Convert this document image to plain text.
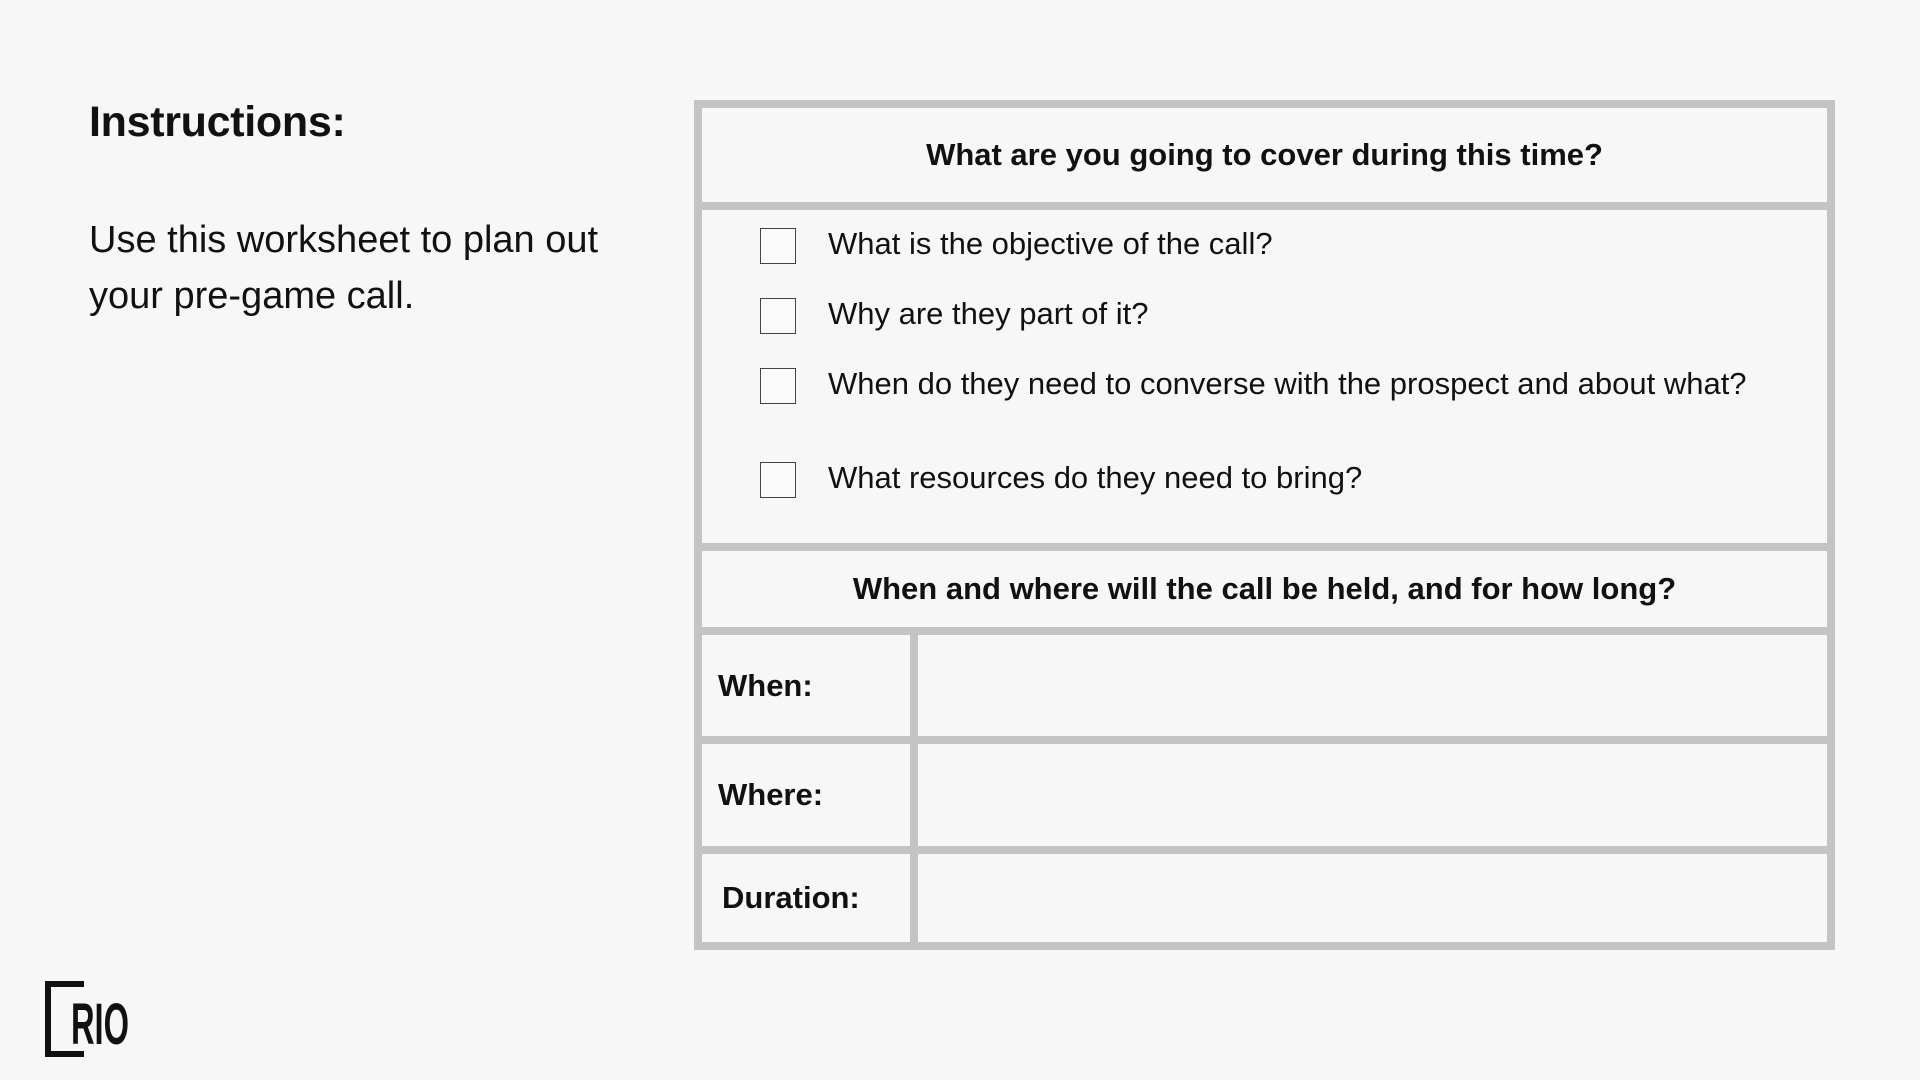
Instructions:

Use this worksheet to plan out your pre-game call.

What are you going to cover during this time?
What is the objective of the call?
Why are they part of it?
When do they need to converse with the prospect and about what?
What resources do they need to bring?
When and where will the call be held, and for how long?
When:
Where:
Duration:
RIO
